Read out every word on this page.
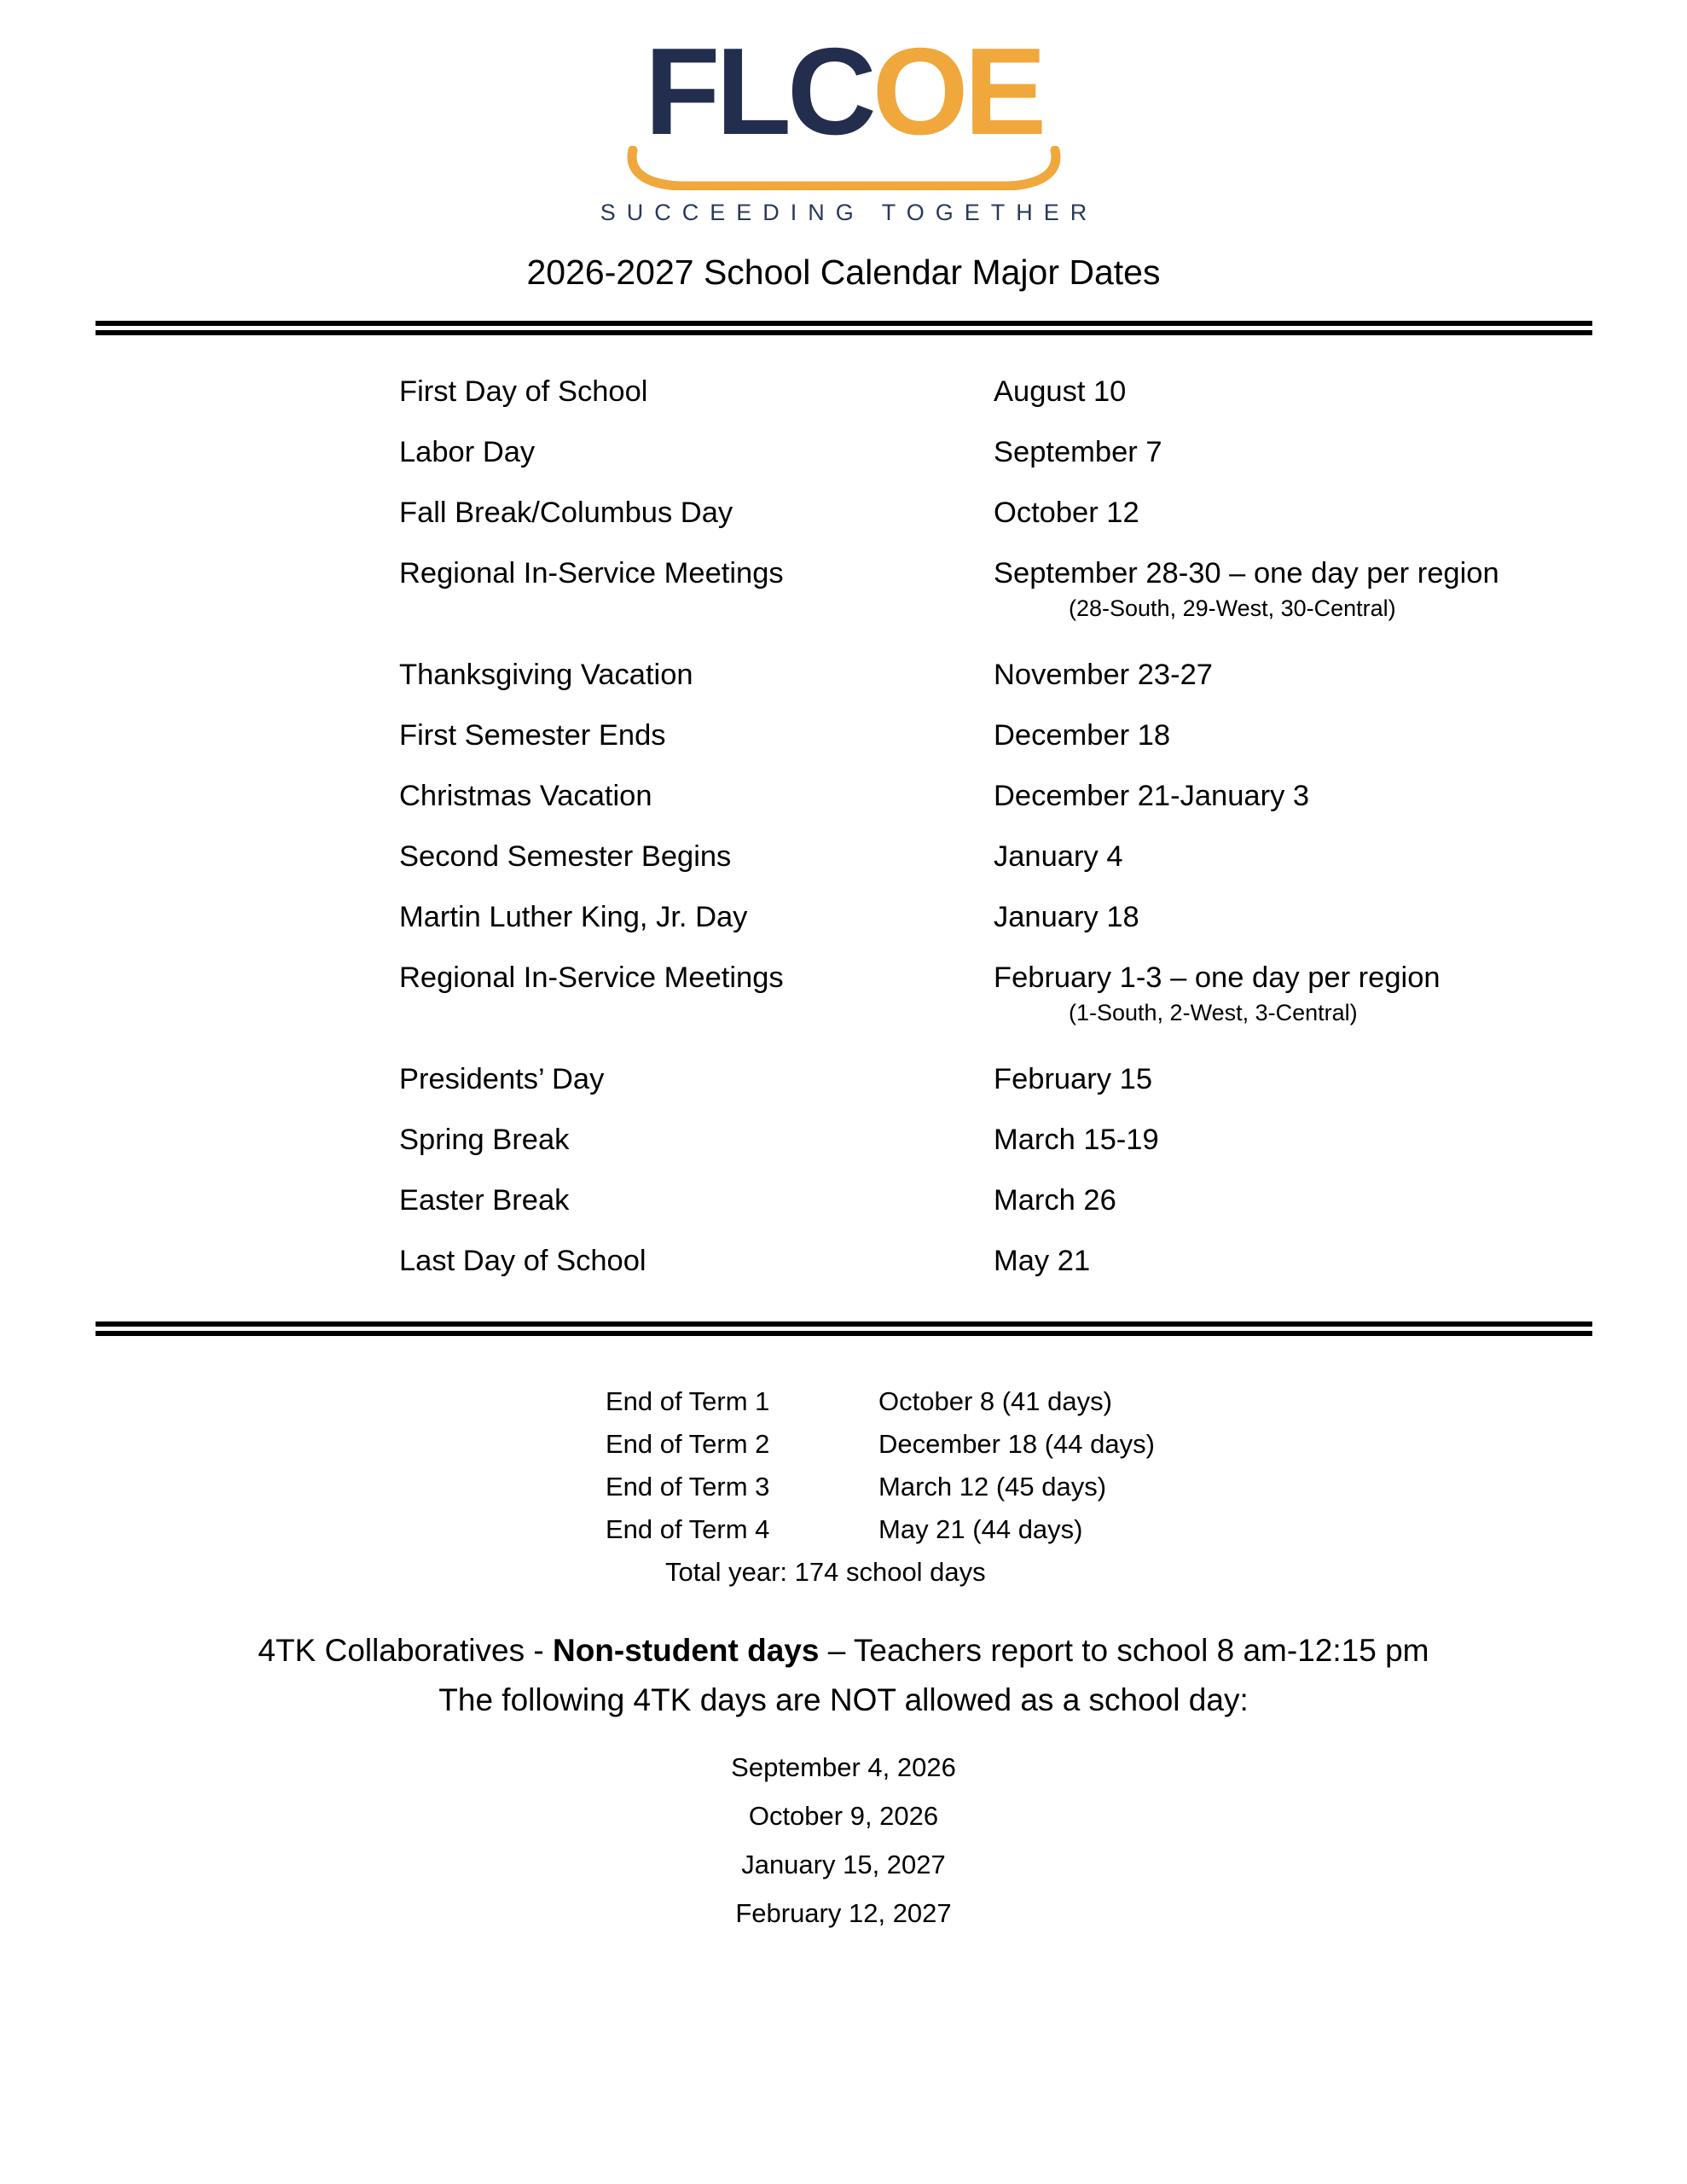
FLCOE
SUCCEEDING TOGETHER
2026-2027 School Calendar Major Dates
First Day of School	August 10
Labor Day	September 7
Fall Break/Columbus Day	October 12
Regional In-Service Meetings	September 28-30 – one day per region
(28-South, 29-West, 30-Central)
Thanksgiving Vacation	November 23-27
First Semester Ends	December 18
Christmas Vacation	December 21-January 3
Second Semester Begins	January 4
Martin Luther King, Jr. Day	January 18
Regional In-Service Meetings	February 1-3 – one day per region
(1-South, 2-West, 3-Central)
Presidents’ Day	February 15
Spring Break	March 15-19
Easter Break	March 26
Last Day of School	May 21
End of Term 1	October 8 (41 days)
End of Term 2	December 18 (44 days)
End of Term 3	March 12 (45 days)
End of Term 4	May 21 (44 days)
Total year: 174 school days
4TK Collaboratives - Non-student days – Teachers report to school 8 am-12:15 pm
The following 4TK days are NOT allowed as a school day:
September 4, 2026
October 9, 2026
January 15, 2027
February 12, 2027
